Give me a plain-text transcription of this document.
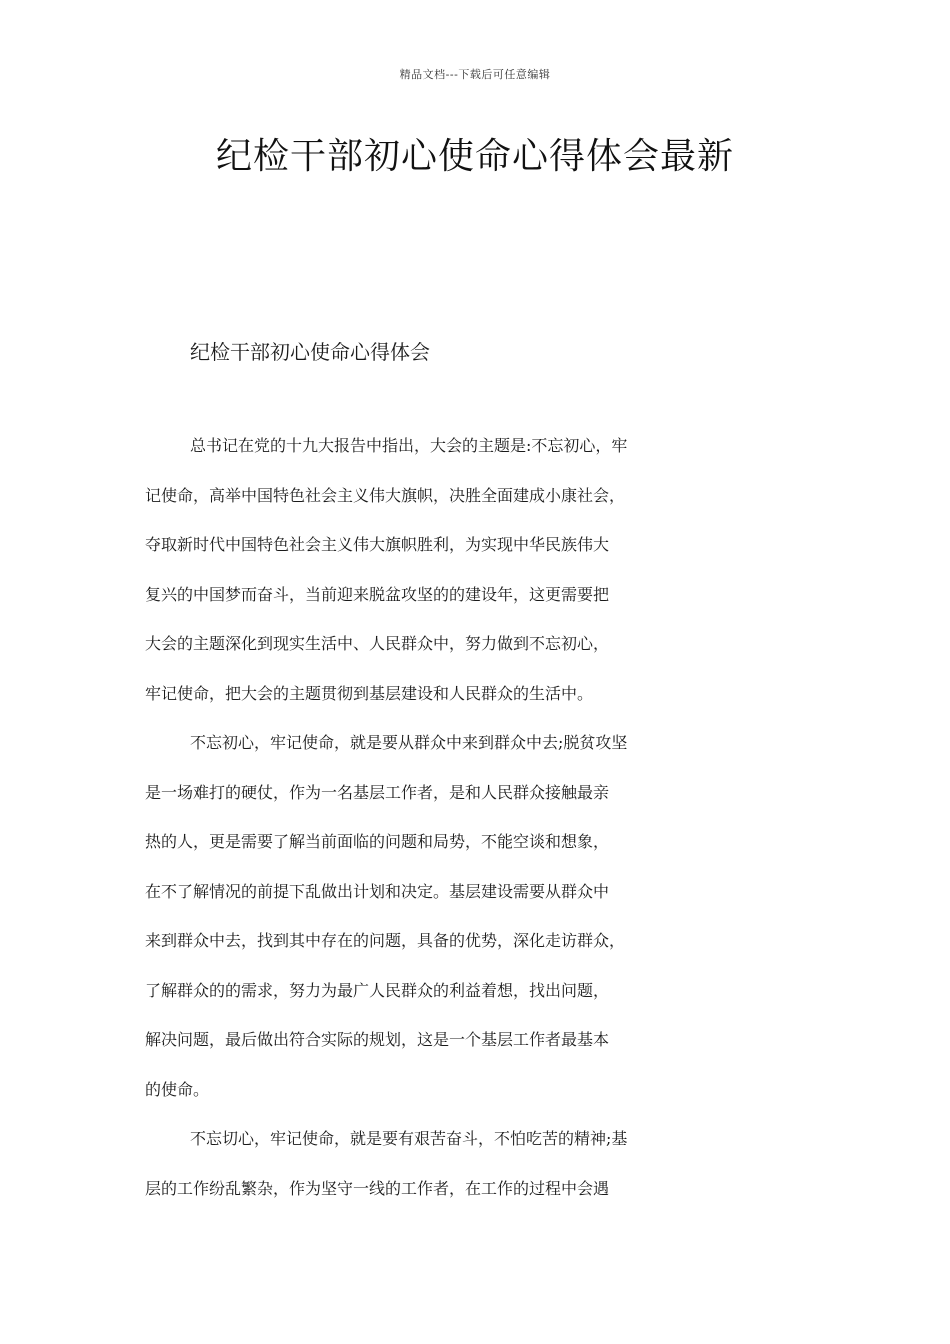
精品文档---下载后可任意编辑
纪检干部初心使命心得体会最新
纪检干部初心使命心得体会
总书记在党的十九大报告中指出，大会的主题是:不忘初心，牢
记使命，高举中国特色社会主义伟大旗帜，决胜全面建成小康社会，
夺取新时代中国特色社会主义伟大旗帜胜利，为实现中华民族伟大
复兴的中国梦而奋斗，当前迎来脱盆攻坚的的建设年，这更需要把
大会的主题深化到现实生活中、人民群众中，努力做到不忘初心，
牢记使命，把大会的主题贯彻到基层建设和人民群众的生活中。
不忘初心，牢记使命，就是要从群众中来到群众中去;脱贫攻坚
是一场难打的硬仗，作为一名基层工作者，是和人民群众接触最亲
热的人，更是需要了解当前面临的问题和局势，不能空谈和想象，
在不了解情况的前提下乱做出计划和决定。基层建设需要从群众中
来到群众中去，找到其中存在的问题，具备的优势，深化走访群众，
了解群众的的需求，努力为最广人民群众的利益着想，找出问题，
解决问题，最后做出符合实际的规划，这是一个基层工作者最基本
的使命。
不忘切心，牢记使命，就是要有艰苦奋斗，不怕吃苦的精神;基
层的工作纷乱繁杂，作为坚守一线的工作者，在工作的过程中会遇
